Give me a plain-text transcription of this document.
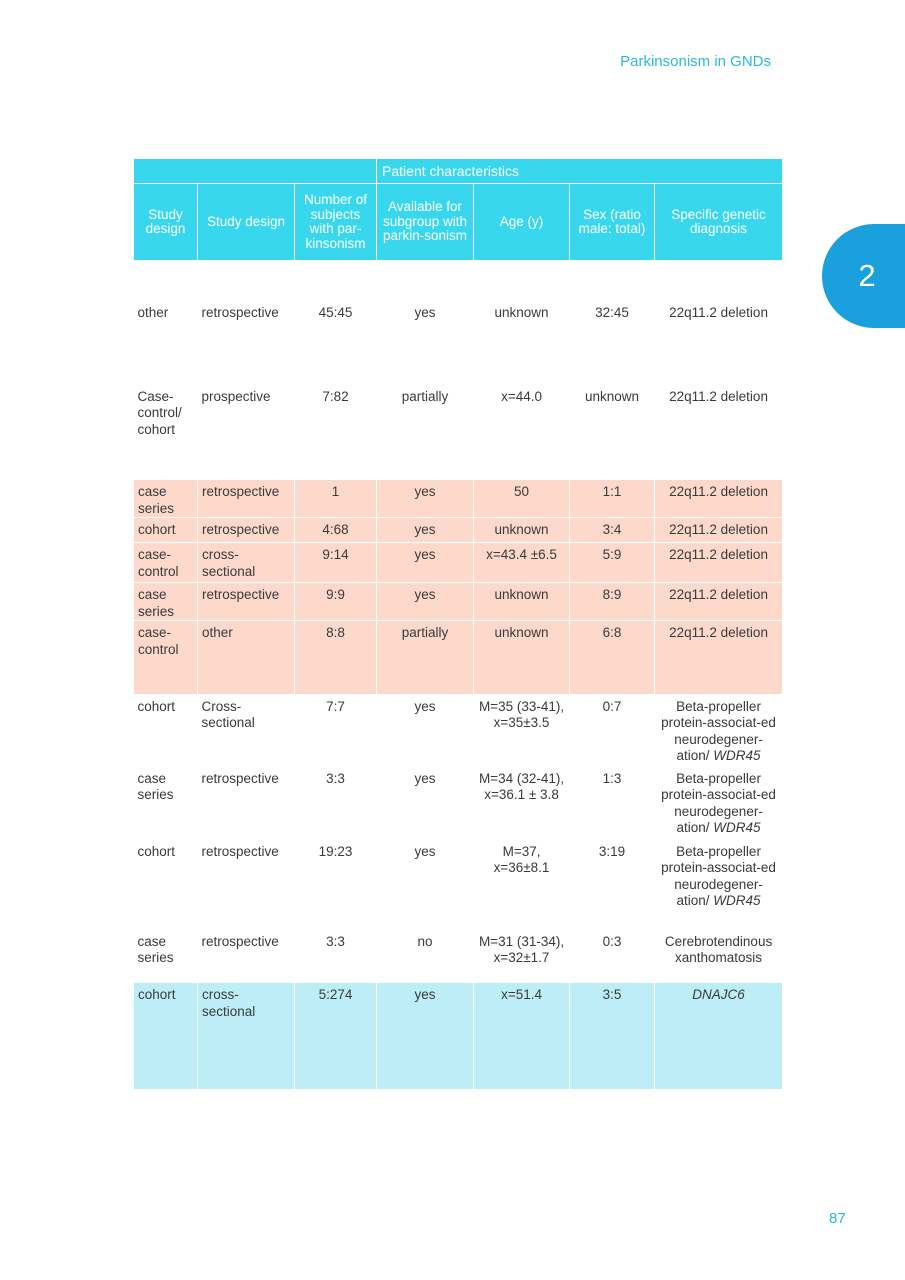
Parkinsonism in GNDs
2
			Patient characteristics			
Study design	Study design	Number of subjects with par-kinsonism	Available for subgroup with parkin-sonism	Age (y)	Sex (ratio male: total)	Specific genetic diagnosis
other	retrospective	45:45	yes	unknown	32:45	22q11.2 deletion
Case-control/ cohort	prospective	7:82	partially	x=44.0	unknown	22q11.2 deletion
case series	retrospective	1	yes	50	1:1	22q11.2 deletion
cohort	retrospective	4:68	yes	unknown	3:4	22q11.2 deletion
case-control	cross-sectional	9:14	yes	x=43.4 ±6.5	5:9	22q11.2 deletion
case series	retrospective	9:9	yes	unknown	8:9	22q11.2 deletion
case-control	other	8:8	partially	unknown	6:8	22q11.2 deletion
cohort	Cross-sectional	7:7	yes	M=35 (33-41), x=35±3.5	0:7	Beta-propeller protein-associat-ed neurodegener-ation/ WDR45
case series	retrospective	3:3	yes	M=34 (32-41), x=36.1 ± 3.8	1:3	Beta-propeller protein-associat-ed neurodegener-ation/ WDR45
cohort	retrospective	19:23	yes	M=37, x=36±8.1	3:19	Beta-propeller protein-associat-ed neurodegener-ation/ WDR45
case series	retrospective	3:3	no	M=31 (31-34), x=32±1.7	0:3	Cerebrotendinous xanthomatosis
cohort	cross-sectional	5:274	yes	x=51.4	3:5	DNAJC6
87
